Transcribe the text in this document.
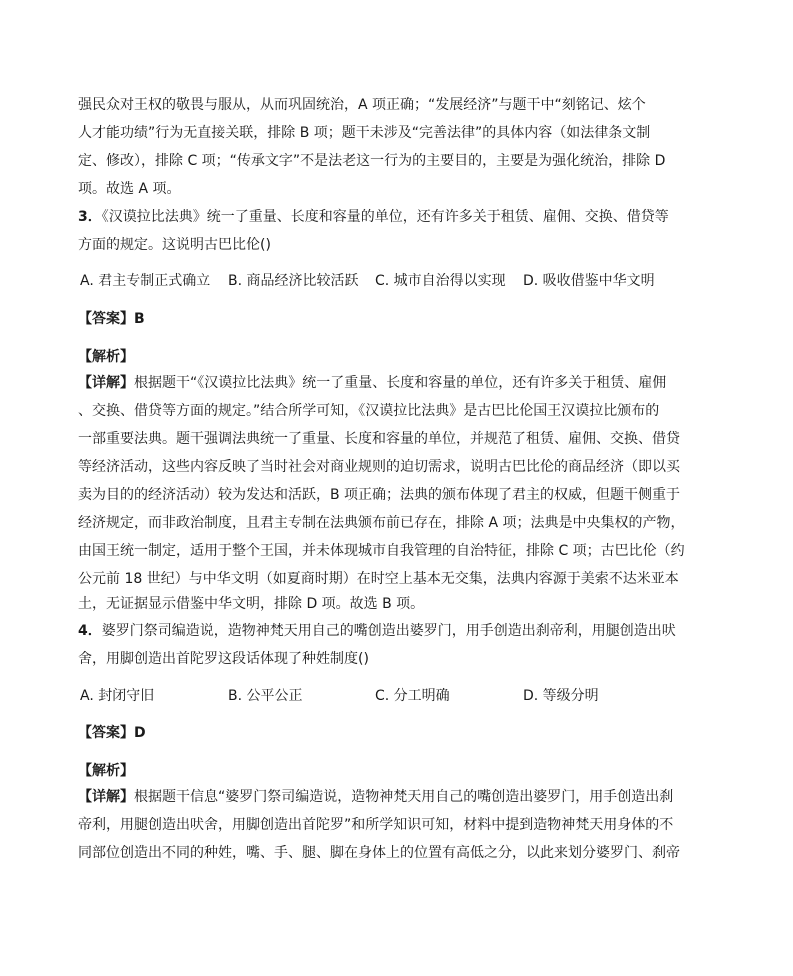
强民众对王权的敬畏与服从，从而巩固统治，A 项正确；“发展经济”与题干中“刻铭记、炫个
人才能功绩”行为无直接关联，排除 B 项；题干未涉及“完善法律”的具体内容（如法律条文制
定、修改），排除 C 项；“传承文字”不是法老这一行为的主要目的，主要是为强化统治，排除 D
项。故选 A 项。
3．《汉谟拉比法典》统一了重量、长度和容量的单位，还有许多关于租赁、雇佣、交换、借贷等
方面的规定。这说明古巴比伦()
A. 君主专制正式确立 B. 商品经济比较活跃 C. 城市自治得以实现 D. 吸收借鉴中华文明
【答案】B
【解析】
【详解】根据题干“《汉谟拉比法典》统一了重量、长度和容量的单位，还有许多关于租赁、雇佣
、交换、借贷等方面的规定。”结合所学可知，《汉谟拉比法典》是古巴比伦国王汉谟拉比颁布的
一部重要法典。题干强调法典统一了重量、长度和容量的单位，并规范了租赁、雇佣、交换、借贷
等经济活动，这些内容反映了当时社会对商业规则的迫切需求，说明古巴比伦的商品经济（即以买
卖为目的的经济活动）较为发达和活跃，B 项正确；法典的颁布体现了君主的权威，但题干侧重于
经济规定，而非政治制度，且君主专制在法典颁布前已存在，排除 A 项；法典是中央集权的产物，
由国王统一制定，适用于整个王国，并未体现城市自我管理的自治特征，排除 C 项；古巴比伦（约
公元前 18 世纪）与中华文明（如夏商时期）在时空上基本无交集，法典内容源于美索不达米亚本
土，无证据显示借鉴中华文明，排除 D 项。故选 B 项。
4．婆罗门祭司编造说，造物神梵天用自己的嘴创造出婆罗门，用手创造出刹帝利，用腿创造出吠
舍，用脚创造出首陀罗这段话体现了种姓制度()
A. 封闭守旧	B. 公平公正	C. 分工明确	D. 等级分明
【答案】D
【解析】
【详解】根据题干信息“婆罗门祭司编造说，造物神梵天用自己的嘴创造出婆罗门，用手创造出刹
帝利，用腿创造出吠舍，用脚创造出首陀罗”和所学知识可知，材料中提到造物神梵天用身体的不
同部位创造出不同的种姓，嘴、手、腿、脚在身体上的位置有高低之分，以此来划分婆罗门、刹帝
